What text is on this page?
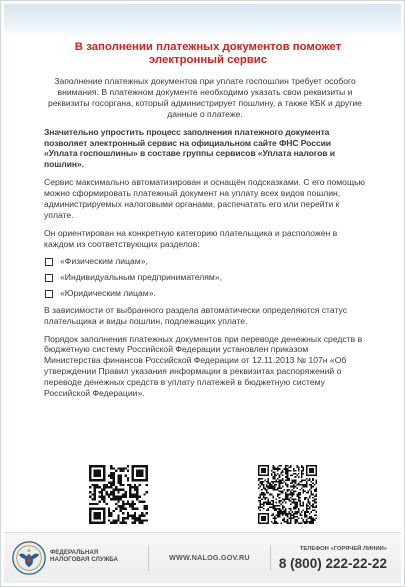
В заполнении платежных документов поможет
электронный сервис

Заполнение платежных документов при уплате госпошлин требует особого внимания. В платежном документе необходимо указать свои реквизиты и реквизиты госоргана, который администрирует пошлину, а также КБК и другие данные о платеже.

Значительно упростить процесс заполнения платежного документа позволяет электронный сервис на официальном сайте ФНС России «Уплата госпошлины» в составе группы сервисов «Уплата налогов и пошлин».

Сервис максимально автоматизирован и оснащён подсказками. С его помощью можно сформировать платежный документ на уплату всех видов пошлин, администрируемых налоговыми органами, распечатать его или перейти к уплате.

Он ориентирован на конкретную категорию плательщика и расположен в каждом из соответствующих разделов:

«Физическим лицам»,
«Индивидуальным предпринимателям»,
«Юридическим лицам».

В зависимости от выбранного раздела автоматически определяются статус плательщика и виды пошлин, подлежащих уплате.

Порядок заполнения платежных документов при переводе денежных средств в бюджетную систему Российской Федерации установлен приказом Министерства финансов Российской Федерации от 12.11.2013 № 107н «Об утверждении Правил указания информации в реквизитах распоряжений о переводе денежных средств в уплату платежей в бюджетную систему Российской Федерации».

ФЕДЕРАЛЬНАЯ
НАЛОГОВАЯ СЛУЖБА	WWW.NALOG.GOV.RU
ТЕЛЕФОН «ГОРЯЧЕЙ ЛИНИИ»
8 (800) 222-22-22
